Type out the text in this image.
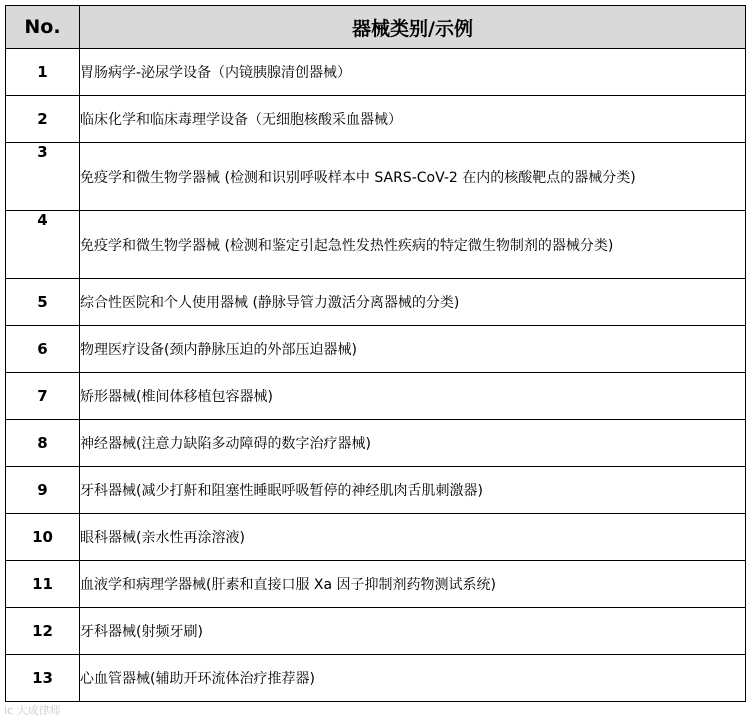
No.	器械类别/示例
1	胃肠病学-泌尿学设备（内镜胰腺清创器械）
2	临床化学和临床毒理学设备（无细胞核酸采血器械）
3	免疫学和微生物学器械 (检测和识别呼吸样本中 SARS-CoV-2 在内的核酸靶点的器械分类)
4	免疫学和微生物学器械 (检测和鉴定引起急性发热性疾病的特定微生物制剂的器械分类)
5	综合性医院和个人使用器械 (静脉导管力激活分离器械的分类)
6	物理医疗设备(颈内静脉压迫的外部压迫器械)
7	矫形器械(椎间体移植包容器械)
8	神经器械(注意力缺陷多动障碍的数字治疗器械)
9	牙科器械(减少打鼾和阻塞性睡眠呼吸暂停的神经肌肉舌肌刺激器)
10	眼科器械(亲水性再涂溶液)
11	血液学和病理学器械(肝素和直接口服 Xa 因子抑制剂药物测试系统)
12	牙科器械(射频牙刷)
13	心血管器械(辅助开环流体治疗推荐器)
ic 大成律师
